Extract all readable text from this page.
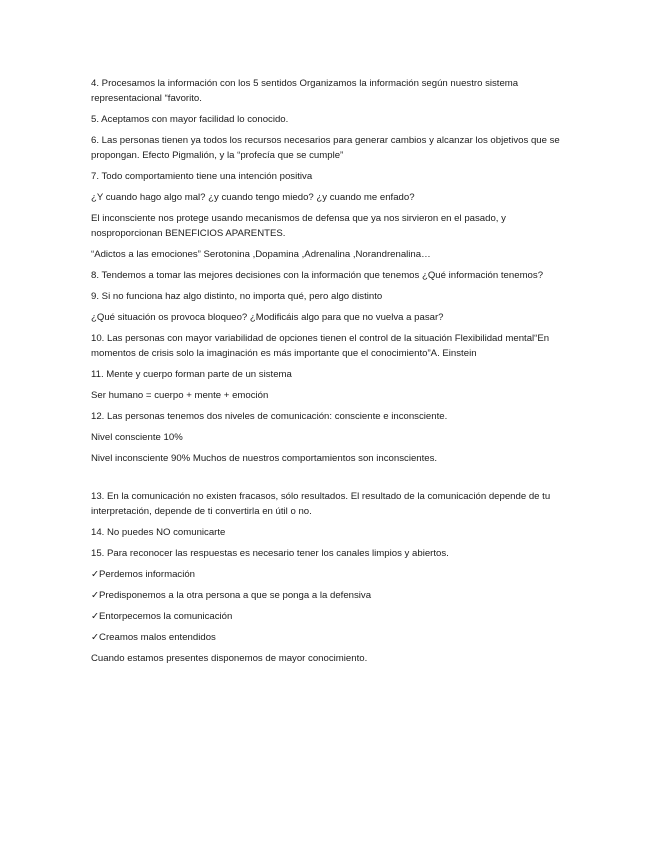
4. Procesamos la información con los 5 sentidos Organizamos la información según nuestro sistema representacional “favorito.

5. Aceptamos con mayor facilidad lo conocido.

6. Las personas tienen ya todos los recursos necesarios para generar cambios y alcanzar los objetivos que se propongan. Efecto Pigmalión, y la “profecía que se cumple”

7. Todo comportamiento tiene una intención positiva

¿Y cuando hago algo mal? ¿y cuando tengo miedo? ¿y cuando me enfado?

El inconsciente nos protege usando mecanismos de defensa que ya nos sirvieron en el pasado, y nosproporcionan BENEFICIOS APARENTES.

“Adictos a las emociones” Serotonina ,Dopamina ,Adrenalina ,Norandrenalina…

8. Tendemos a tomar las mejores decisiones con la información que tenemos ¿Qué información tenemos?

9. Si no funciona haz algo distinto, no importa qué, pero algo distinto

¿Qué situación os provoca bloqueo? ¿Modificáis algo para que no vuelva a pasar?

10. Las personas con mayor variabilidad de opciones tienen el control de la situación Flexibilidad mental“En momentos de crisis solo la imaginación es más importante que el conocimiento”A. Einstein

11. Mente y cuerpo forman parte de un sistema

Ser humano = cuerpo + mente + emoción

12. Las personas tenemos dos niveles de comunicación: consciente e inconsciente.

Nivel consciente 10%

Nivel inconsciente 90% Muchos de nuestros comportamientos son inconscientes.

13. En la comunicación no existen fracasos, sólo resultados. El resultado de la comunicación depende de tu interpretación, depende de ti convertirla en útil o no.

14. No puedes NO comunicarte

15. Para reconocer las respuestas es necesario tener los canales limpios y abiertos.

✓Perdemos información

✓Predisponemos a la otra persona a que se ponga a la defensiva

✓Entorpecemos la comunicación

✓Creamos malos entendidos

Cuando estamos presentes disponemos de mayor conocimiento.
